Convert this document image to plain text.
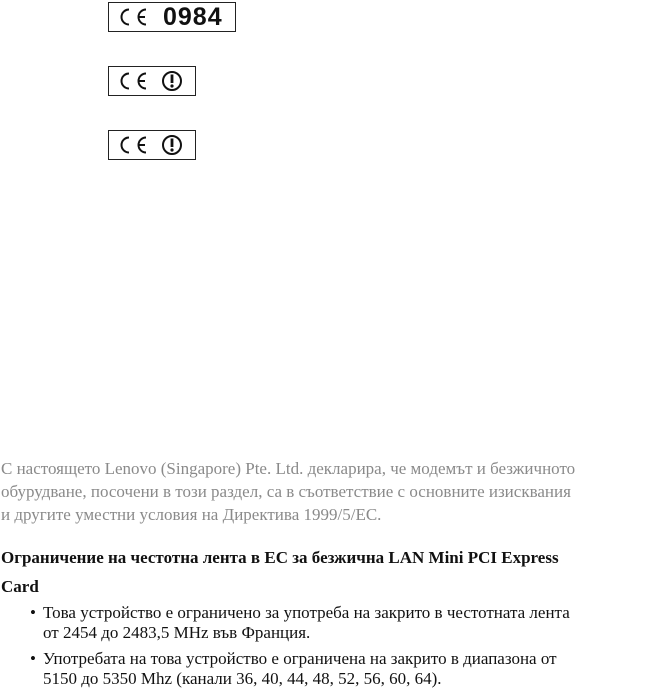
0984

С настоящето Lenovo (Singapore) Pte. Ltd. декларира, че модемът и безжичното
обурудване, посочени в този раздел, са в съответствие с основните изисквания
и другите уместни условия на Директива 1999/5/EC.

Ограничение на честотна лента в ЕС за безжична LAN Mini PCI Express
Card
• Това устройство е ограничено за употреба на закрито в честотната лента
от 2454 до 2483,5 MHz във Франция.
• Употребата на това устройство е ограничена на закрито в диапазона от
5150 до 5350 Mhz (канали 36, 40, 44, 48, 52, 56, 60, 64).
